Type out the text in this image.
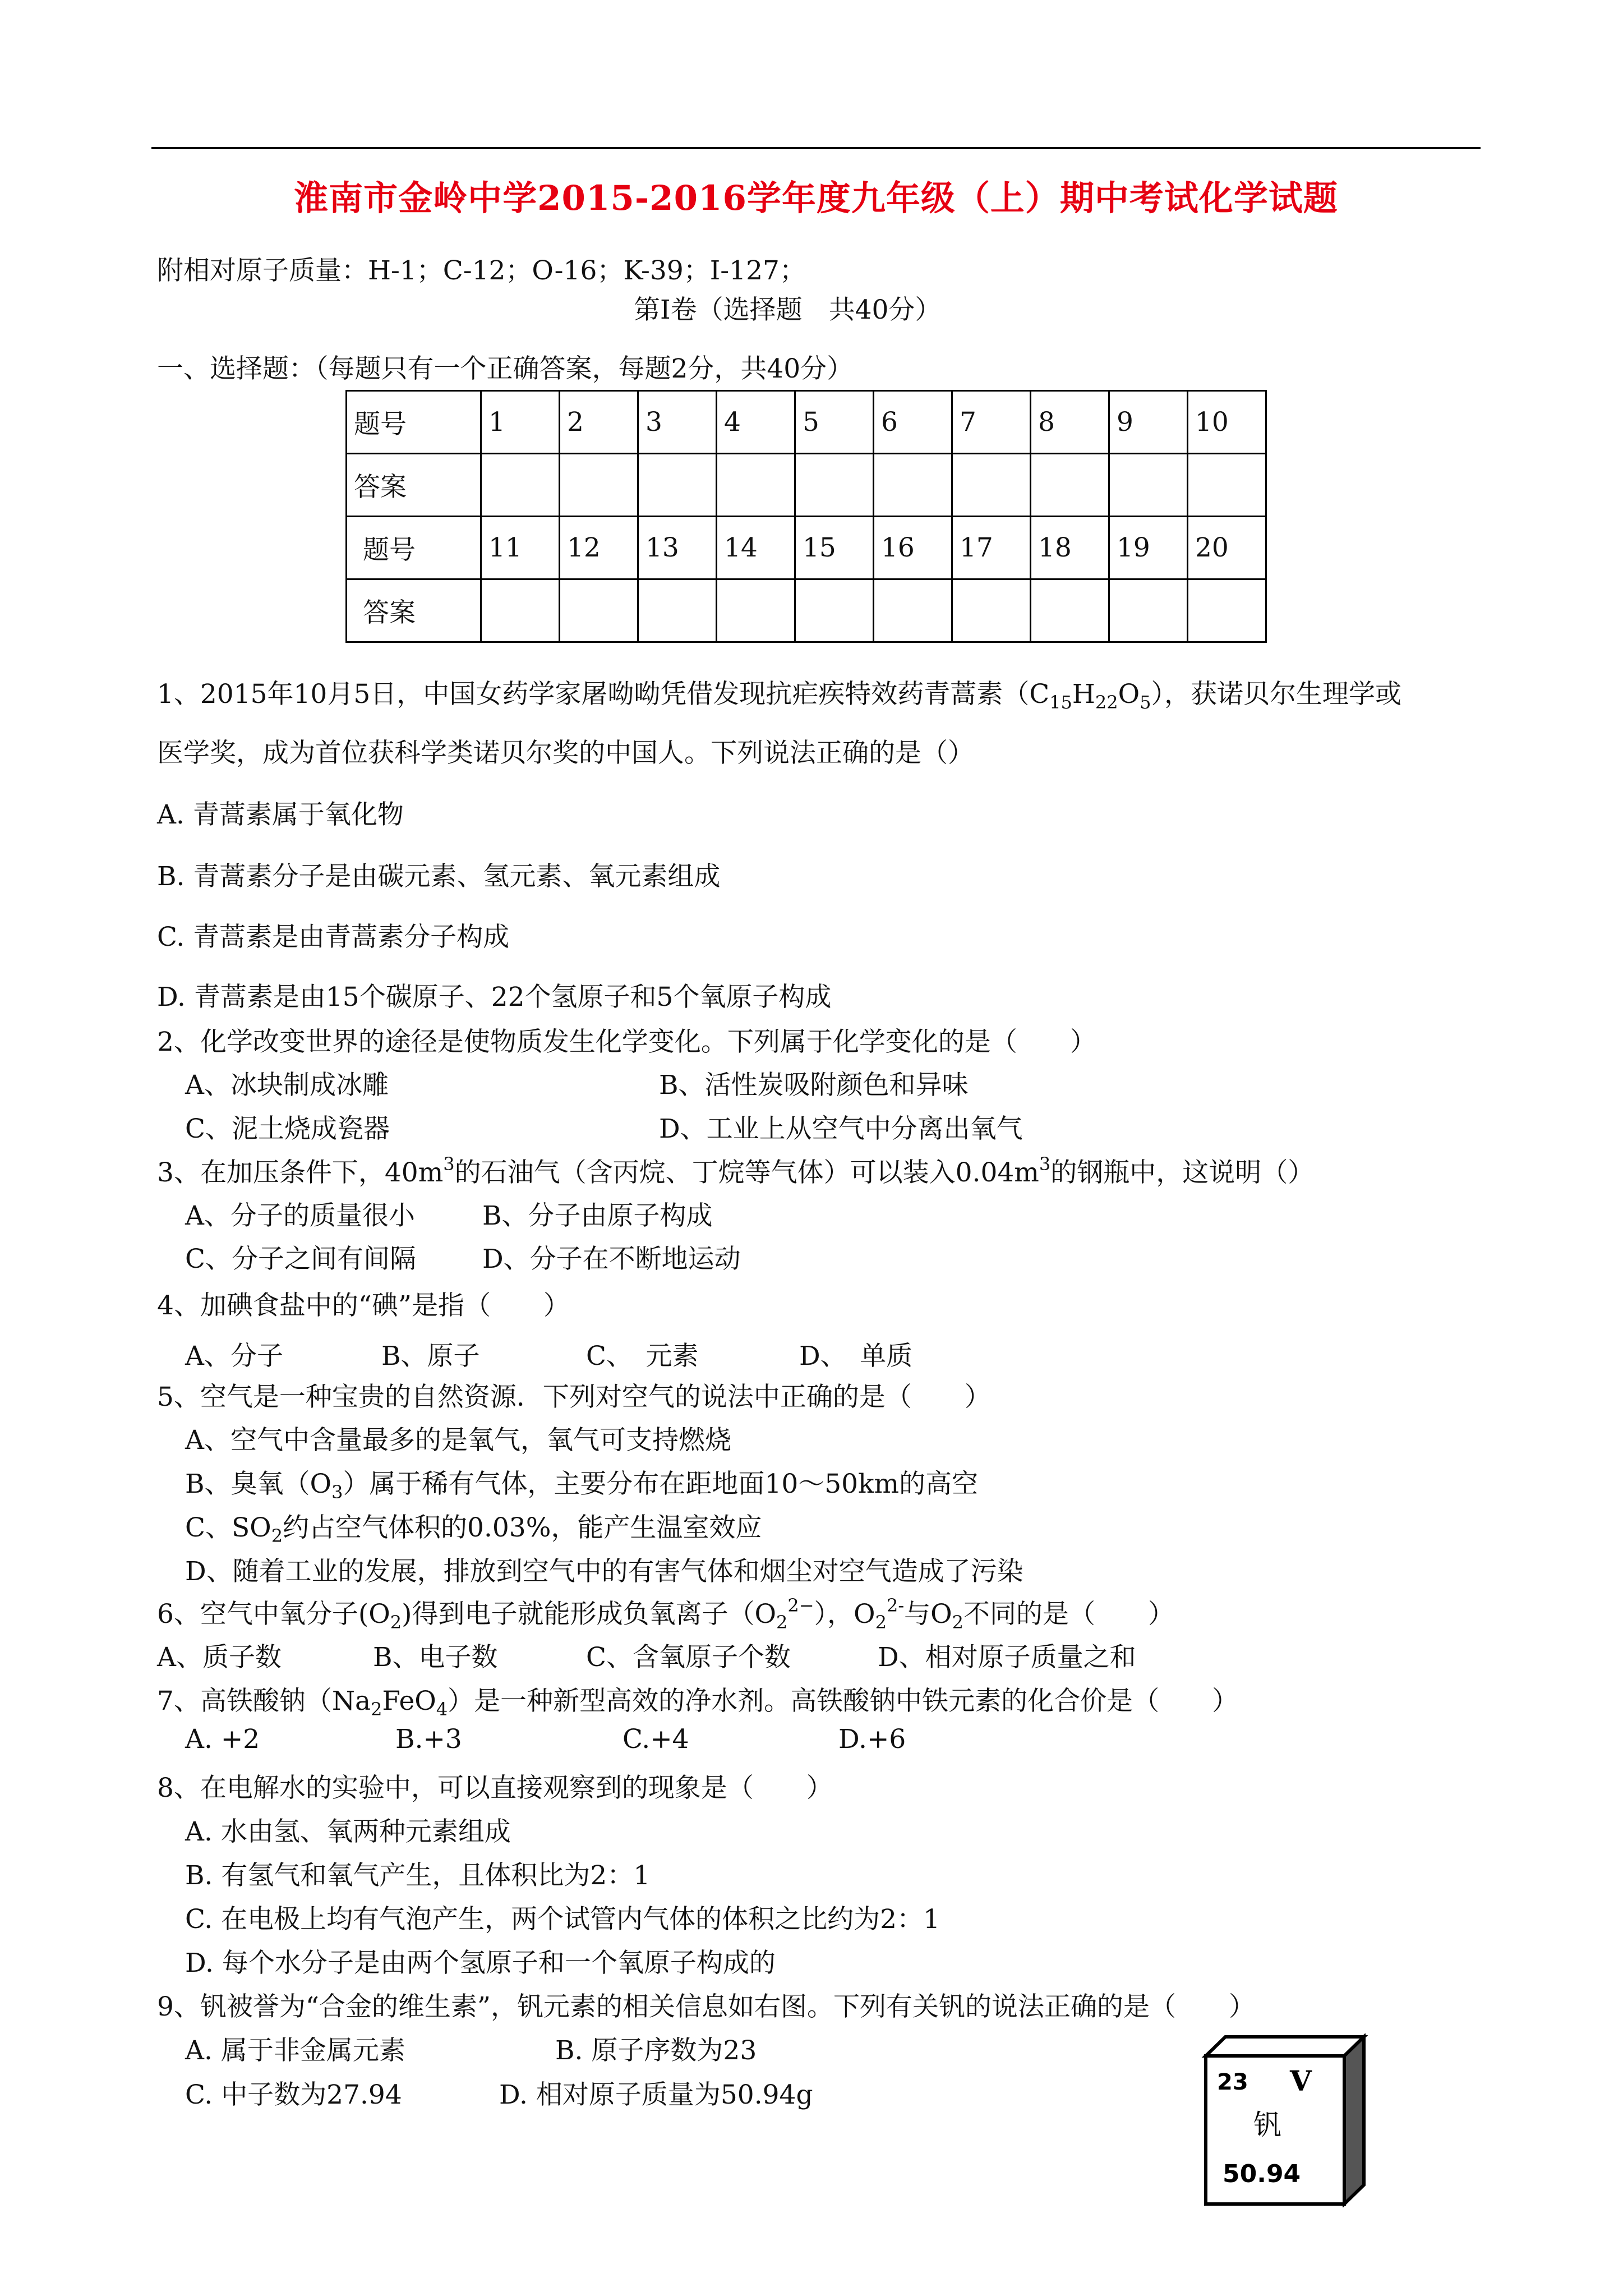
淮南市金岭中学2015-2016学年度九年级（上）期中考试化学试题
附相对原子质量：H-1；C-12；O-16；K-39；I-127；
第Ⅰ卷（选择题　共40分）
一、选择题：（每题只有一个正确答案，每题2分，共40分）
题号	1	2	3	4	5	6	7	8	9	10
答案										
题号	11	12	13	14	15	16	17	18	19	20
答案										
1、2015年10月5日，中国女药学家屠呦呦凭借发现抗疟疾特效药青蒿素$(C_{15}H_{22}O_5)$，获诺贝尔生理学或
医学奖，成为首位获科学类诺贝尔奖的中国人。下列说法正确的是（）
A. 青蒿素属于氧化物
B. 青蒿素分子是由碳元素、氢元素、氧元素组成
C. 青蒿素是由青蒿素分子构成
D. 青蒿素是由15个碳原子、22个氢原子和5个氧原子构成
2、化学改变世界的途径是使物质发生化学变化。下列属于化学变化的是（　　）
A、冰块制成冰雕	B、活性炭吸附颜色和异味
C、泥土烧成瓷器	D、工业上从空气中分离出氧气
3、在加压条件下，$40m^3$的石油气（含丙烷、丁烷等气体）可以装入$0.04m^3$的钢瓶中，这说明（）
A、分子的质量很小	B、分子由原子构成
C、分子之间有间隔	D、分子在不断地运动
4、加碘食盐中的“碘”是指（　　）
A、分子	B、原子	C、　元素	D、　单质
5、空气是一种宝贵的自然资源．下列对空气的说法中正确的是（　　）
A、空气中含量最多的是氧气，氧气可支持燃烧
B、臭氧$(O_3)$属于稀有气体，主要分布在距地面10～50km的高空
C、$SO_2$约占空气体积的0.03%，能产生温室效应
D、随着工业的发展，排放到空气中的有害气体和烟尘对空气造成了污染
6、空气中氧分子$(O_2)$得到电子就能形成负氧离子$(O_2^{2-})$，$O_2^{2-}$与$O_2$不同的是（　　）
A、质子数	B、电子数	C、含氧原子个数	D、相对原子质量之和
7、高铁酸钠$(Na_2FeO_4)$是一种新型高效的净水剂。高铁酸钠中铁元素的化合价是（　　）
A. +2	B.+3	C.+4	D.+6
8、在电解水的实验中，可以直接观察到的现象是（　　）
A. 水由氢、氧两种元素组成
B. 有氢气和氧气产生，且体积比为2：1
C. 在电极上均有气泡产生，两个试管内气体的体积之比约为2：1
D. 每个水分子是由两个氢原子和一个氧原子构成的
9、钒被誉为“合金的维生素”，钒元素的相关信息如右图。下列有关钒的说法正确的是（　　）
A. 属于非金属元素	B. 原子序数为23
C. 中子数为27.94	D. 相对原子质量为50.94g	23 V
钒
50.94
